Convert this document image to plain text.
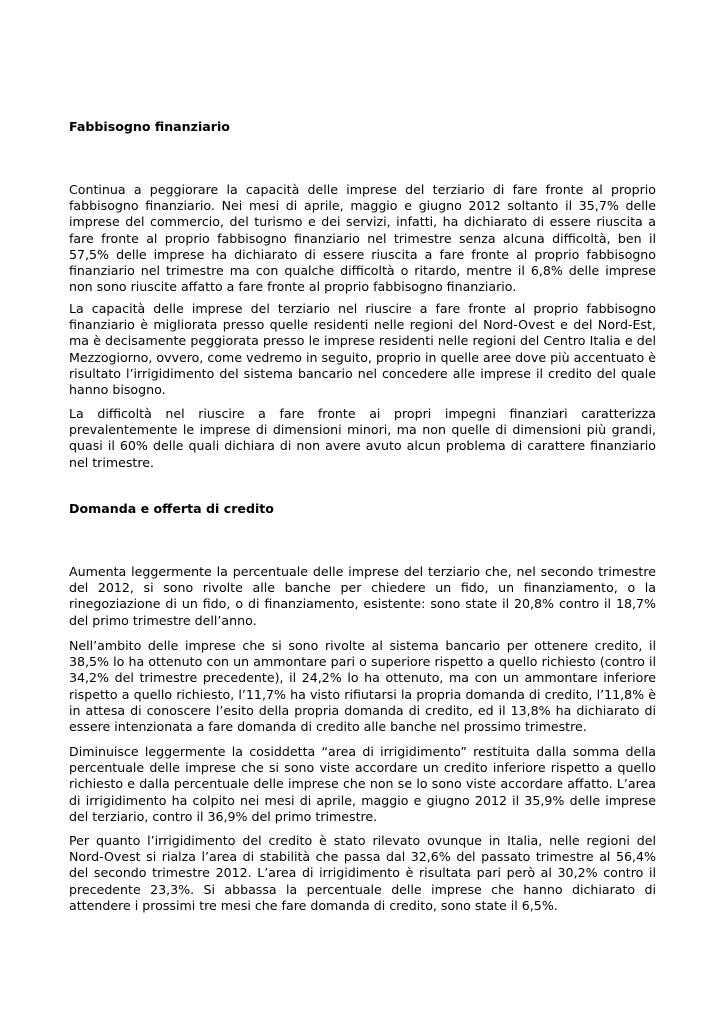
Fabbisogno finanziario

Continua a peggiorare la capacità delle imprese del terziario di fare fronte al proprio fabbisogno finanziario. Nei mesi di aprile, maggio e giugno 2012 soltanto il 35,7% delle imprese del commercio, del turismo e dei servizi, infatti, ha dichiarato di essere riuscita a fare fronte al proprio fabbisogno finanziario nel trimestre senza alcuna difficoltà, ben il 57,5% delle imprese ha dichiarato di essere riuscita a fare fronte al proprio fabbisogno finanziario nel trimestre ma con qualche difficoltà o ritardo, mentre il 6,8% delle imprese non sono riuscite affatto a fare fronte al proprio fabbisogno finanziario.

La capacità delle imprese del terziario nel riuscire a fare fronte al proprio fabbisogno finanziario è migliorata presso quelle residenti nelle regioni del Nord-Ovest e del Nord-Est, ma è decisamente peggiorata presso le imprese residenti nelle regioni del Centro Italia e del Mezzogiorno, ovvero, come vedremo in seguito, proprio in quelle aree dove più accentuato è risultato l’irrigidimento del sistema bancario nel concedere alle imprese il credito del quale hanno bisogno.

La difficoltà nel riuscire a fare fronte ai propri impegni finanziari caratterizza prevalentemente le imprese di dimensioni minori, ma non quelle di dimensioni più grandi, quasi il 60% delle quali dichiara di non avere avuto alcun problema di carattere finanziario nel trimestre.

Domanda e offerta di credito

Aumenta leggermente la percentuale delle imprese del terziario che, nel secondo trimestre del 2012, si sono rivolte alle banche per chiedere un fido, un finanziamento, o la rinegoziazione di un fido, o di finanziamento, esistente: sono state il 20,8% contro il 18,7% del primo trimestre dell’anno.

Nell’ambito delle imprese che si sono rivolte al sistema bancario per ottenere credito, il 38,5% lo ha ottenuto con un ammontare pari o superiore rispetto a quello richiesto (contro il 34,2% del trimestre precedente), il 24,2% lo ha ottenuto, ma con un ammontare inferiore rispetto a quello richiesto, l’11,7% ha visto rifiutarsi la propria domanda di credito, l’11,8% è in attesa di conoscere l’esito della propria domanda di credito, ed il 13,8% ha dichiarato di essere intenzionata a fare domanda di credito alle banche nel prossimo trimestre.

Diminuisce leggermente la cosiddetta “area di irrigidimento” restituita dalla somma della percentuale delle imprese che si sono viste accordare un credito inferiore rispetto a quello richiesto e dalla percentuale delle imprese che non se lo sono viste accordare affatto. L’area di irrigidimento ha colpito nei mesi di aprile, maggio e giugno 2012 il 35,9% delle imprese del terziario, contro il 36,9% del primo trimestre.

Per quanto l’irrigidimento del credito è stato rilevato ovunque in Italia, nelle regioni del Nord-Ovest si rialza l’area di stabilità che passa dal 32,6% del passato trimestre al 56,4% del secondo trimestre 2012. L’area di irrigidimento è risultata pari però al 30,2% contro il precedente 23,3%. Si abbassa la percentuale delle imprese che hanno dichiarato di attendere i prossimi tre mesi che fare domanda di credito, sono state il 6,5%.
